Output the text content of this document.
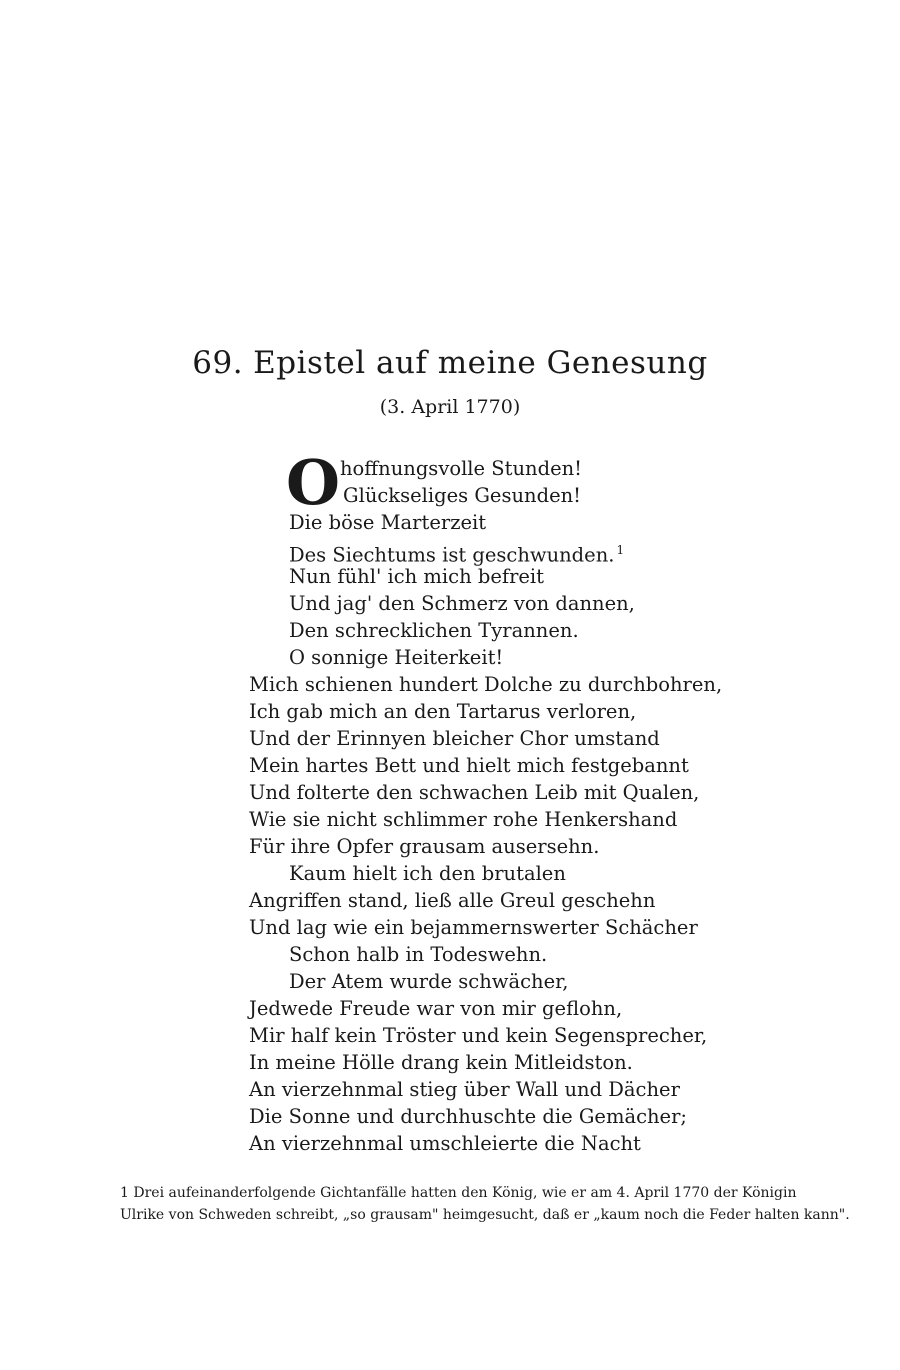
69. Epistel auf meine Genesung
(3. April 1770)
O hoffnungsvolle Stunden!
Glückseliges Gesunden!
Die böse Marterzeit
Des Siechtums ist geschwunden. $^1$
Nun fühl' ich mich befreit
Und jag' den Schmerz von dannen,
Den schrecklichen Tyrannen.
O sonnige Heiterkeit!
Mich schienen hundert Dolche zu durchbohren,
Ich gab mich an den Tartarus verloren,
Und der Erinnyen bleicher Chor umstand
Mein hartes Bett und hielt mich festgebannt
Und folterte den schwachen Leib mit Qualen,
Wie sie nicht schlimmer rohe Henkershand
Für ihre Opfer grausam ausersehn.
Kaum hielt ich den brutalen
Angriffen stand, ließ alle Greul geschehn
Und lag wie ein bejammernswerter Schächer
Schon halb in Todeswehn.
Der Atem wurde schwächer,
Jedwede Freude war von mir geflohn,
Mir half kein Tröster und kein Segensprecher,
In meine Hölle drang kein Mitleidston.
An vierzehnmal stieg über Wall und Dächer
Die Sonne und durchhuschte die Gemächer;
An vierzehnmal umschleierte die Nacht
1 Drei aufeinanderfolgende Gichtanfälle hatten den König, wie er am 4. April 1770 der Königin
Ulrike von Schweden schreibt, „so grausam" heimgesucht, daß er „kaum noch die Feder halten kann".
